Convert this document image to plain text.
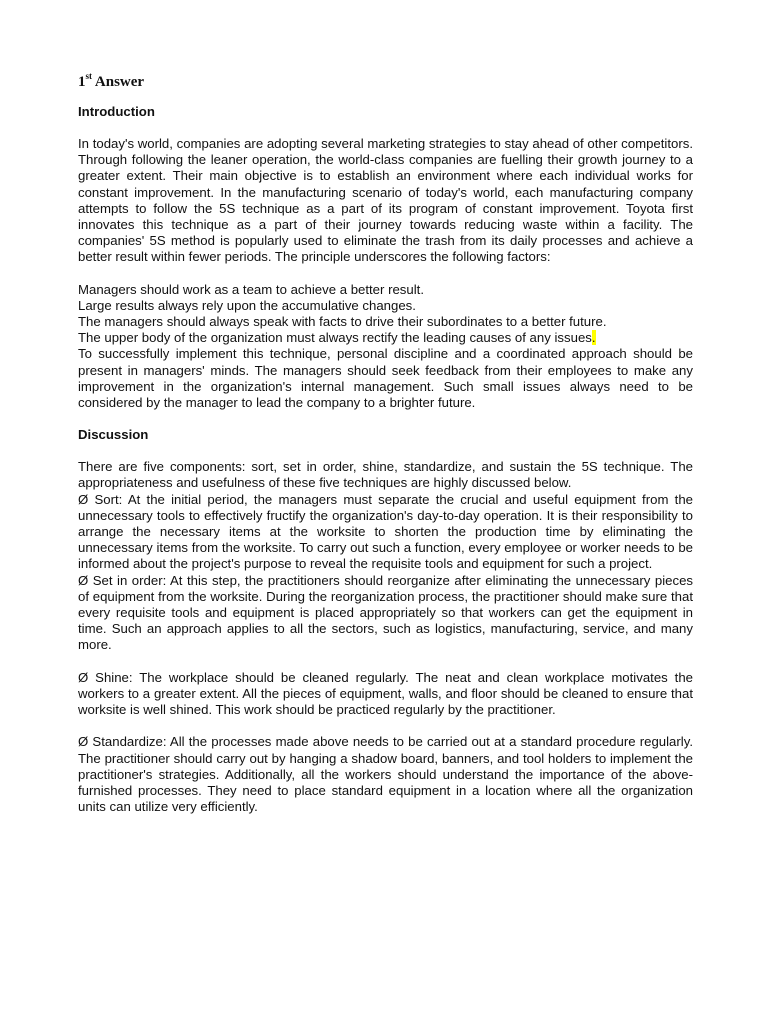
1st Answer
Introduction

In today's world, companies are adopting several marketing strategies to stay ahead of other competitors. Through following the leaner operation, the world-class companies are fuelling their growth journey to a greater extent. Their main objective is to establish an environment where each individual works for constant improvement. In the manufacturing scenario of today's world, each manufacturing company attempts to follow the 5S technique as a part of its program of constant improvement. Toyota first innovates this technique as a part of their journey towards reducing waste within a facility. The companies' 5S method is popularly used to eliminate the trash from its daily processes and achieve a better result within fewer periods. The principle underscores the following factors:

Managers should work as a team to achieve a better result.

Large results always rely upon the accumulative changes.

The managers should always speak with facts to drive their subordinates to a better future.

The upper body of the organization must always rectify the leading causes of any issues.

To successfully implement this technique, personal discipline and a coordinated approach should be present in managers' minds. The managers should seek feedback from their employees to make any improvement in the organization's internal management. Such small issues always need to be considered by the manager to lead the company to a brighter future.

Discussion

There are five components: sort, set in order, shine, standardize, and sustain the 5S technique. The appropriateness and usefulness of these five techniques are highly discussed below.

Ø Sort: At the initial period, the managers must separate the crucial and useful equipment from the unnecessary tools to effectively fructify the organization's day-to-day operation. It is their responsibility to arrange the necessary items at the worksite to shorten the production time by eliminating the unnecessary items from the worksite. To carry out such a function, every employee or worker needs to be informed about the project's purpose to reveal the requisite tools and equipment for such a project.

Ø Set in order: At this step, the practitioners should reorganize after eliminating the unnecessary pieces of equipment from the worksite. During the reorganization process, the practitioner should make sure that every requisite tools and equipment is placed appropriately so that workers can get the equipment in time. Such an approach applies to all the sectors, such as logistics, manufacturing, service, and many more.

Ø Shine: The workplace should be cleaned regularly. The neat and clean workplace motivates the workers to a greater extent. All the pieces of equipment, walls, and floor should be cleaned to ensure that worksite is well shined. This work should be practiced regularly by the practitioner.

Ø Standardize: All the processes made above needs to be carried out at a standard procedure regularly. The practitioner should carry out by hanging a shadow board, banners, and tool holders to implement the practitioner's strategies. Additionally, all the workers should understand the importance of the above-furnished processes. They need to place standard equipment in a location where all the organization units can utilize very efficiently.
